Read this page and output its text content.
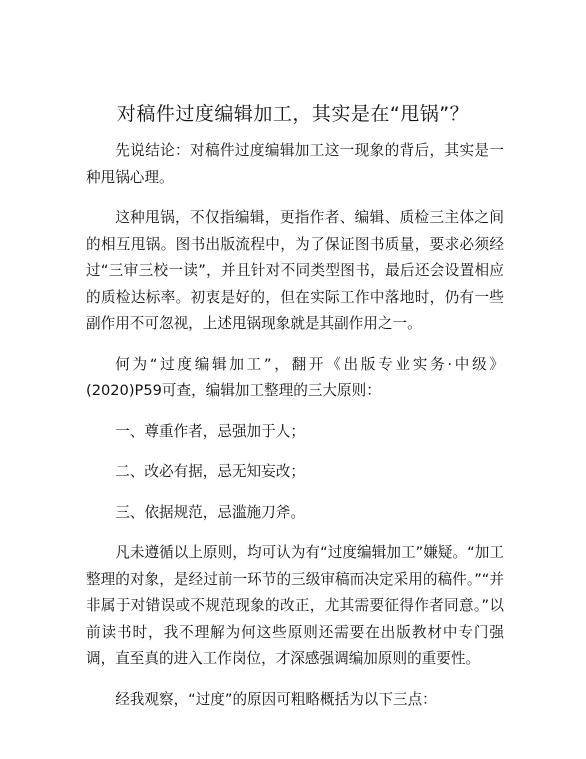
对稿件过度编辑加工，其实是在“甩锅”？

先说结论：对稿件过度编辑加工这一现象的背后，其实是一种甩锅心理。

这种甩锅，不仅指编辑，更指作者、编辑、质检三主体之间的相互甩锅。图书出版流程中，为了保证图书质量，要求必须经过“三审三校一读”，并且针对不同类型图书，最后还会设置相应的质检达标率。初衷是好的，但在实际工作中落地时，仍有一些副作用不可忽视，上述甩锅现象就是其副作用之一。

何为“过度编辑加工”，翻开《出版专业实务·中级》(2020)P59可查，编辑加工整理的三大原则：

一、尊重作者，忌强加于人；

二、改必有据，忌无知妄改；

三、依据规范，忌滥施刀斧。

凡未遵循以上原则，均可认为有“过度编辑加工”嫌疑。“加工整理的对象，是经过前一环节的三级审稿而决定采用的稿件。”“并非属于对错误或不规范现象的改正，尤其需要征得作者同意。”以前读书时，我不理解为何这些原则还需要在出版教材中专门强调，直至真的进入工作岗位，才深感强调编加原则的重要性。

经我观察，“过度”的原因可粗略概括为以下三点：
